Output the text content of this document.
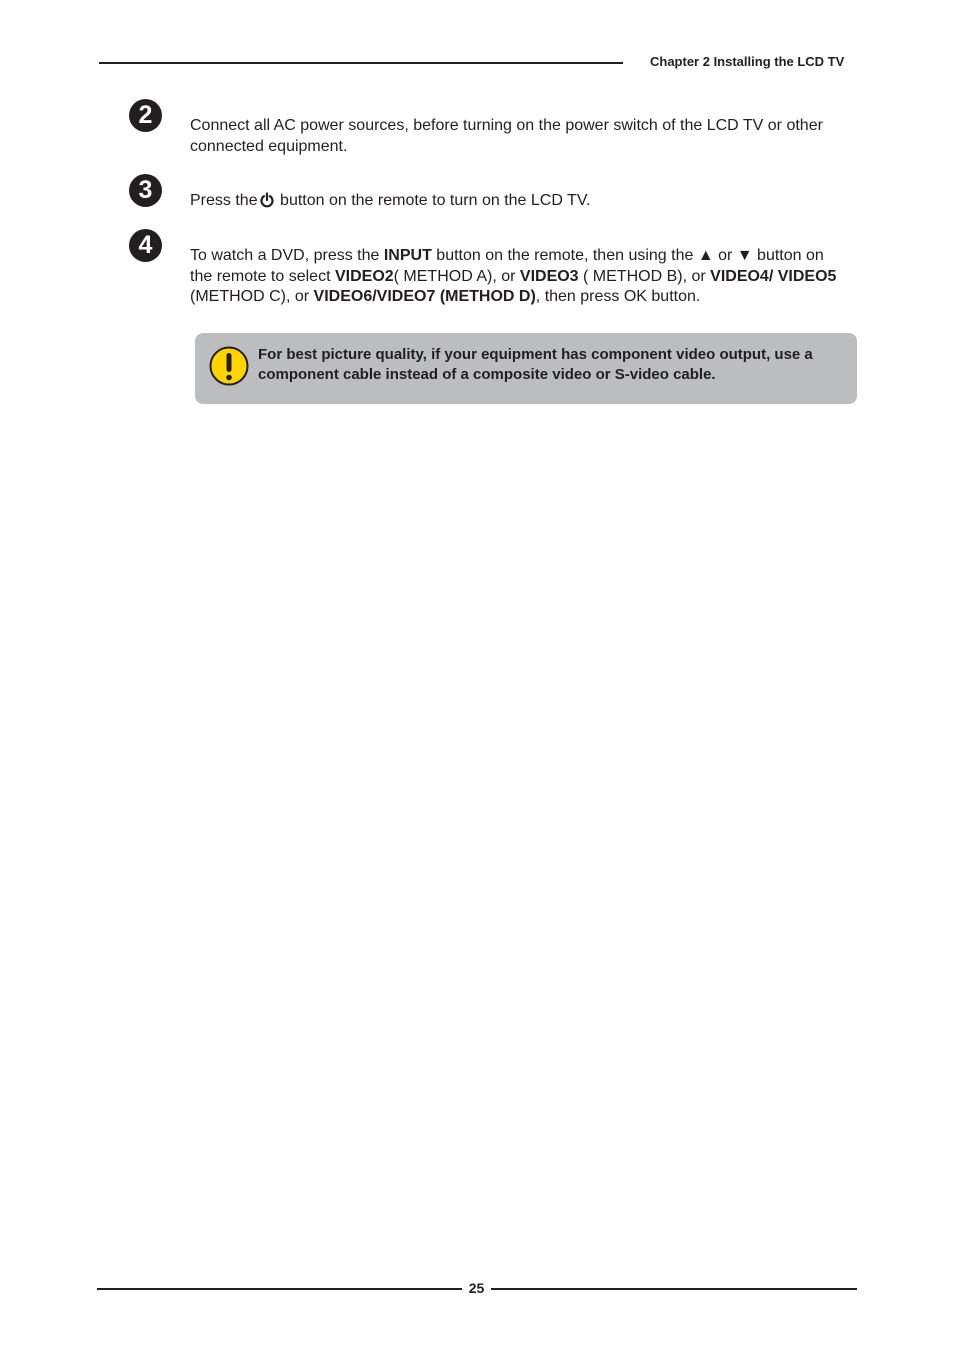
Chapter 2 Installing the LCD TV
2	Connect all AC power sources, before turning on the power switch of the LCD TV or other connected equipment.
3	Press the button on the remote to turn on the LCD TV.
4	To watch a DVD, press the INPUT button on the remote, then using the ▲ or ▼ button on the remote to select VIDEO2( METHOD A), or VIDEO3 ( METHOD B), or VIDEO4/ VIDEO5 (METHOD C), or VIDEO6/VIDEO7 (METHOD D), then press OK button.
For best picture quality, if your equipment has component video output, use a component cable instead of a composite video or S-video cable.
25
